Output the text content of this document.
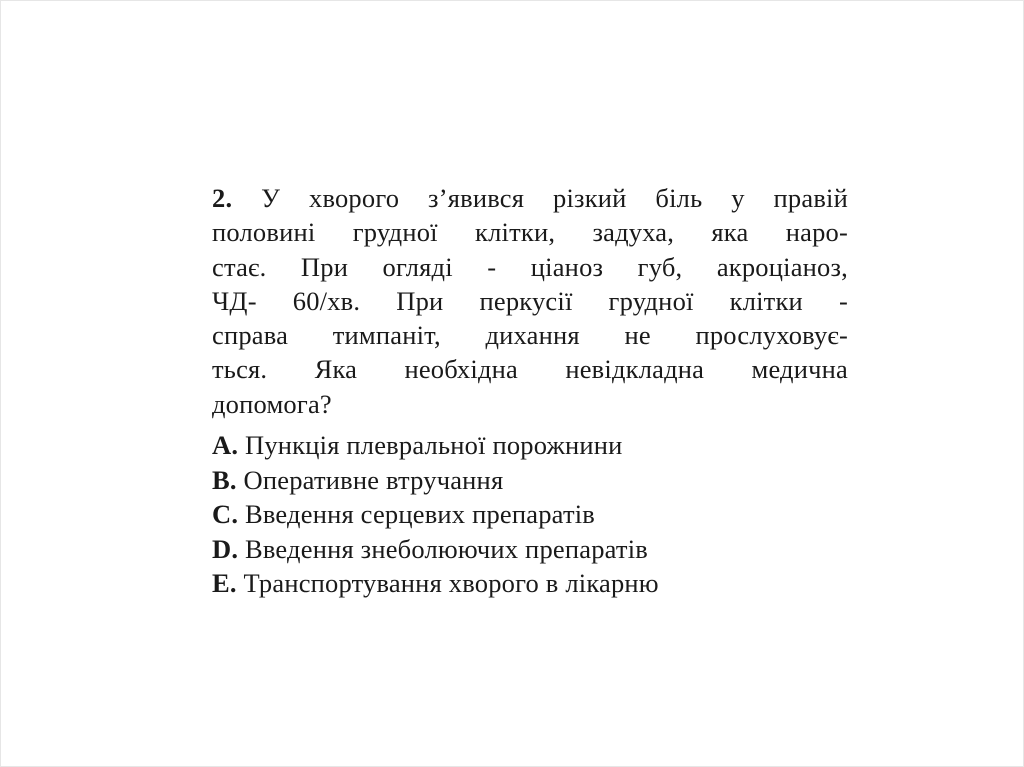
2. У хворого з’явився різкий біль у правій
половині грудної клітки, задуха, яка наро-
стає. При огляді - ціаноз губ, акроціаноз,
ЧД- 60/хв. При перкусії грудної клітки -
справа тимпаніт, дихання не прослуховує-
ться. Яка необхідна невідкладна медична
допомога?
A. Пункція плевральної порожнини
B. Оперативне втручання
C. Введення серцевих препаратів
D. Введення знеболюючих препаратів
E. Транспортування хворого в лікарню
